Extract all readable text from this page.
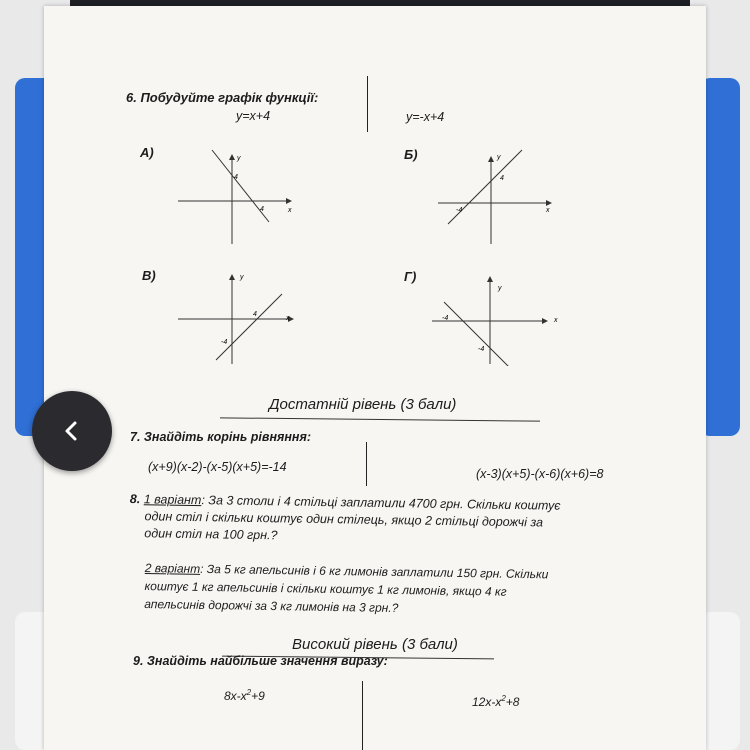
6. Побудуйте графік функції:
y=x+4	y=-x+4
А)	y
x
4
4
Б)	y
x
4
-4
В)	y
x
4
-4
Г)
y
x
-4
-4
Достатній рівень (3 бали)
7. Знайдіть корінь рівняння:
(x+9)(x-2)-(x-5)(x+5)=-14	(x-3)(x+5)-(x-6)(x+6)=8
8. 1 варіант: За 3 столи і 4 стільці заплатили 4700 грн. Скільки коштує
один стіл і скільки коштує один стілець, якщо 2 стільці дорожчі за
один стіл на 100 грн.?
2 варіант: За 5 кг апельсинів і 6 кг лимонів заплатили 150 грн. Скільки
коштує 1 кг апельсинів і скільки коштує 1 кг лимонів, якщо 4 кг
апельсинів дорожчі за 3 кг лимонів на 3 грн.?
Високий рівень (3 бали)
9. Знайдіть найбільше значення виразу:
$8x-x^2+9$	$12x-x^2+8$
